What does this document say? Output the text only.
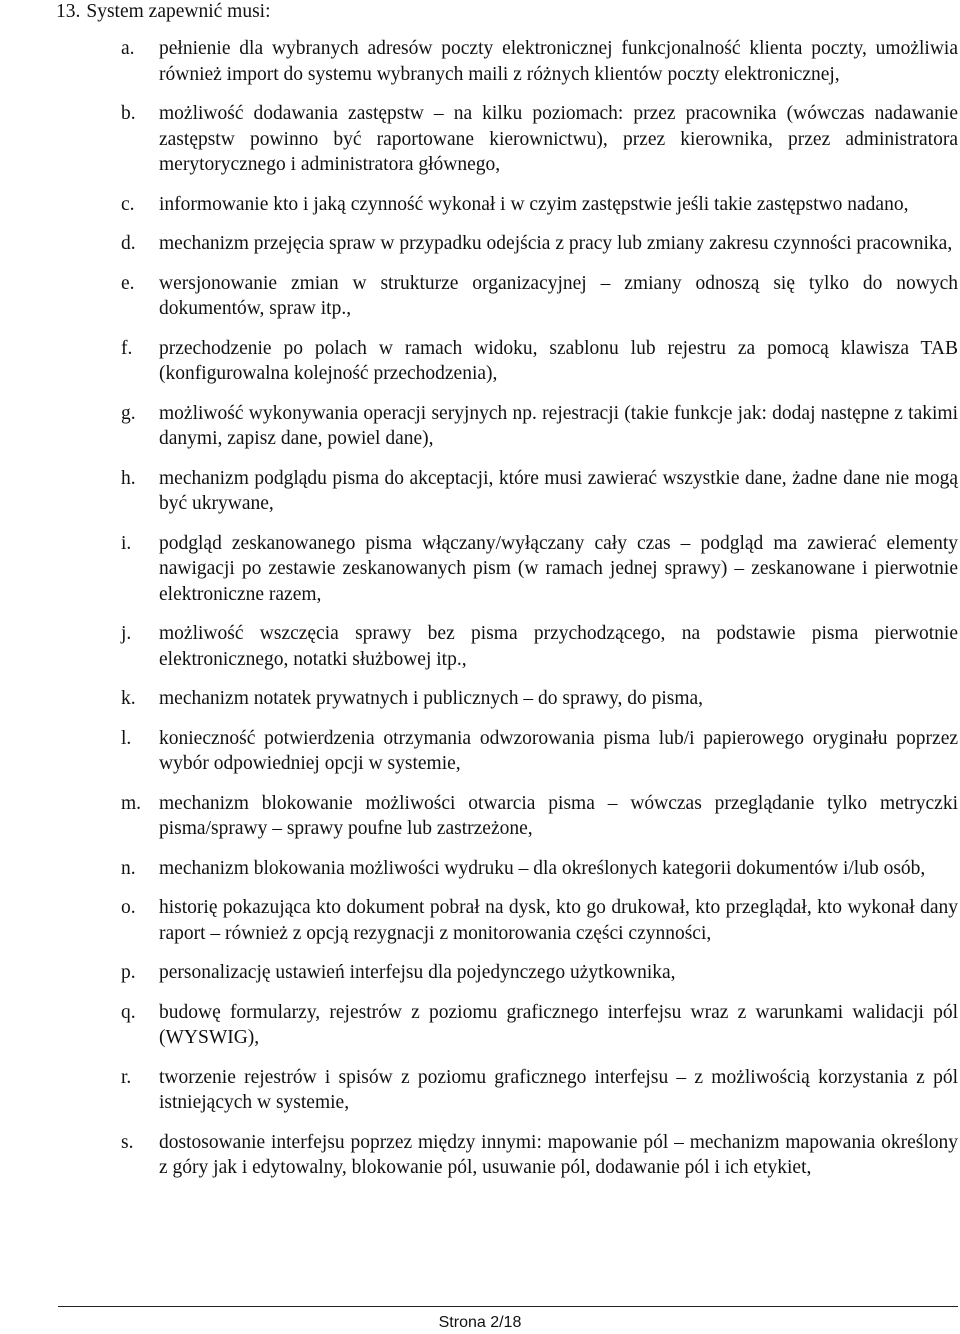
13. System zapewnić musi:
a. pełnienie dla wybranych adresów poczty elektronicznej funkcjonalność klienta poczty, umożliwia również import do systemu wybranych maili z różnych klientów poczty elektronicznej,
b. możliwość dodawania zastępstw – na kilku poziomach: przez pracownika (wówczas nadawanie zastępstw powinno być raportowane kierownictwu), przez kierownika, przez administratora merytorycznego i administratora głównego,
c. informowanie kto i jaką czynność wykonał i w czyim zastępstwie jeśli takie zastępstwo nadano,
d. mechanizm przejęcia spraw w przypadku odejścia z pracy lub zmiany zakresu czynności pracownika,
e. wersjonowanie zmian w strukturze organizacyjnej – zmiany odnoszą się tylko do nowych dokumentów, spraw itp.,
f. przechodzenie po polach w ramach widoku, szablonu lub rejestru za pomocą klawisza TAB (konfigurowalna kolejność przechodzenia),
g. możliwość wykonywania operacji seryjnych np. rejestracji (takie funkcje jak: dodaj następne z takimi danymi, zapisz dane, powiel dane),
h. mechanizm podglądu pisma do akceptacji, które musi zawierać wszystkie dane, żadne dane nie mogą być ukrywane,
i. podgląd zeskanowanego pisma włączany/wyłączany cały czas – podgląd ma zawierać elementy nawigacji po zestawie zeskanowanych pism (w ramach jednej sprawy) – zeskanowane i pierwotnie elektroniczne razem,
j. możliwość wszczęcia sprawy bez pisma przychodzącego, na podstawie pisma pierwotnie elektronicznego, notatki służbowej itp.,
k. mechanizm notatek prywatnych i publicznych – do sprawy, do pisma,
l. konieczność potwierdzenia otrzymania odwzorowania pisma lub/i papierowego oryginału poprzez wybór odpowiedniej opcji w systemie,
m. mechanizm blokowanie możliwości otwarcia pisma – wówczas przeglądanie tylko metryczki pisma/sprawy – sprawy poufne lub zastrzeżone,
n. mechanizm blokowania możliwości wydruku – dla określonych kategorii dokumentów i/lub osób,
o. historię pokazująca kto dokument pobrał na dysk, kto go drukował, kto przeglądał, kto wykonał dany raport – również z opcją rezygnacji z monitorowania części czynności,
p. personalizację ustawień interfejsu dla pojedynczego użytkownika,
q. budowę formularzy, rejestrów z poziomu graficznego interfejsu wraz z warunkami walidacji pól (WYSWIG),
r. tworzenie rejestrów i spisów z poziomu graficznego interfejsu – z możliwością korzystania z pól istniejących w systemie,
s. dostosowanie interfejsu poprzez między innymi: mapowanie pól – mechanizm mapowania określony z góry jak i edytowalny, blokowanie pól, usuwanie pól, dodawanie pól i ich etykiet,
Strona 2/18
